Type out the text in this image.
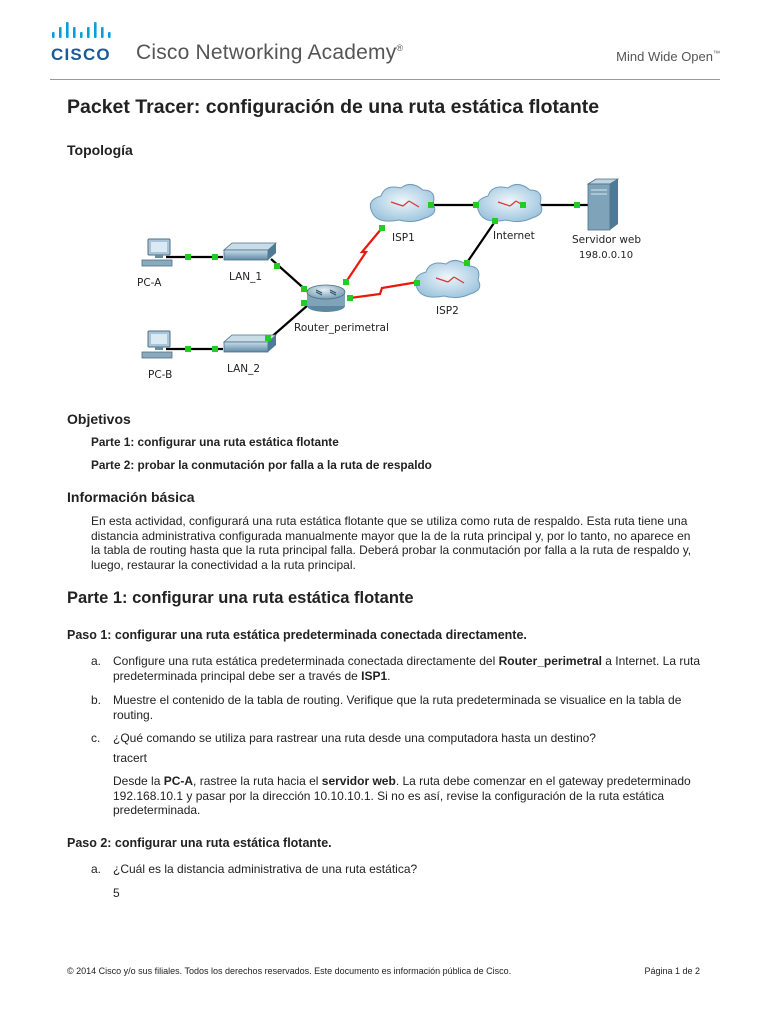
CISCO Cisco Networking Academy®
Mind Wide Open™
Packet Tracer: configuración de una ruta estática flotante
Topología
ISP1	Internet	Servidor web
198.0.0.10
PC-A	LAN_1
Router_perimetral
ISP2
PC-B	LAN_2
Objetivos
Parte 1: configurar una ruta estática flotante
Parte 2: probar la conmutación por falla a la ruta de respaldo
Información básica
En esta actividad, configurará una ruta estática flotante que se utiliza como ruta de respaldo. Esta ruta tiene una distancia administrativa configurada manualmente mayor que la de la ruta principal y, por lo tanto, no aparece en la tabla de routing hasta que la ruta principal falla. Deberá probar la conmutación por falla a la ruta de respaldo y, luego, restaurar la conectividad a la ruta principal.
Parte 1: configurar una ruta estática flotante
Paso 1: configurar una ruta estática predeterminada conectada directamente.
a. Configure una ruta estática predeterminada conectada directamente del Router_perimetral a Internet. La ruta predeterminada principal debe ser a través de ISP1.
b. Muestre el contenido de la tabla de routing. Verifique que la ruta predeterminada se visualice en la tabla de routing.
c. ¿Qué comando se utiliza para rastrear una ruta desde una computadora hasta un destino?
tracert
Desde la PC-A, rastree la ruta hacia el servidor web. La ruta debe comenzar en el gateway predeterminado 192.168.10.1 y pasar por la dirección 10.10.10.1. Si no es así, revise la configuración de la ruta estática predeterminada.
Paso 2: configurar una ruta estática flotante.
a. ¿Cuál es la distancia administrativa de una ruta estática?
5
© 2014 Cisco y/o sus filiales. Todos los derechos reservados. Este documento es información pública de Cisco.	Página 1 de 2
